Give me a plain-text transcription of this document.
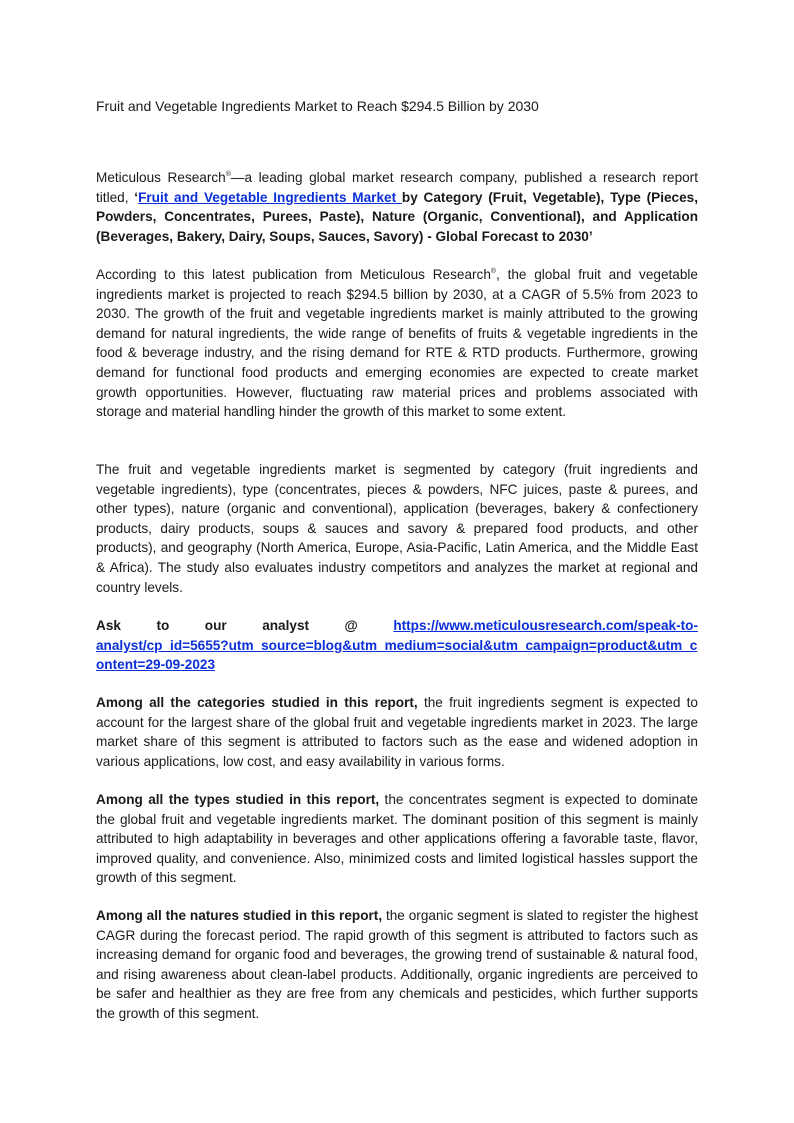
Fruit and Vegetable Ingredients Market to Reach $294.5 Billion by 2030

Meticulous Research®—a leading global market research company, published a research report titled, ‘Fruit and Vegetable Ingredients Market by Category (Fruit, Vegetable), Type (Pieces, Powders, Concentrates, Purees, Paste), Nature (Organic, Conventional), and Application (Beverages, Bakery, Dairy, Soups, Sauces, Savory) - Global Forecast to 2030’

According to this latest publication from Meticulous Research®, the global fruit and vegetable ingredients market is projected to reach $294.5 billion by 2030, at a CAGR of 5.5% from 2023 to 2030. The growth of the fruit and vegetable ingredients market is mainly attributed to the growing demand for natural ingredients, the wide range of benefits of fruits & vegetable ingredients in the food & beverage industry, and the rising demand for RTE & RTD products. Furthermore, growing demand for functional food products and emerging economies are expected to create market growth opportunities. However, fluctuating raw material prices and problems associated with storage and material handling hinder the growth of this market to some extent.

The fruit and vegetable ingredients market is segmented by category (fruit ingredients and vegetable ingredients), type (concentrates, pieces & powders, NFC juices, paste & purees, and other types), nature (organic and conventional), application (beverages, bakery & confectionery products, dairy products, soups & sauces and savory & prepared food products, and other products), and geography (North America, Europe, Asia-Pacific, Latin America, and the Middle East & Africa). The study also evaluates industry competitors and analyzes the market at regional and country levels.

Ask	to	our	analyst	@	https://www.meticulousresearch.com/speak-to-
analyst/cp_id=5655?utm_source=blog&utm_medium=social&utm_campaign=product&utm_c
ontent=29-09-2023

Among all the categories studied in this report, the fruit ingredients segment is expected to account for the largest share of the global fruit and vegetable ingredients market in 2023. The large market share of this segment is attributed to factors such as the ease and widened adoption in various applications, low cost, and easy availability in various forms.

Among all the types studied in this report, the concentrates segment is expected to dominate the global fruit and vegetable ingredients market. The dominant position of this segment is mainly attributed to high adaptability in beverages and other applications offering a favorable taste, flavor, improved quality, and convenience. Also, minimized costs and limited logistical hassles support the growth of this segment.

Among all the natures studied in this report, the organic segment is slated to register the highest CAGR during the forecast period. The rapid growth of this segment is attributed to factors such as increasing demand for organic food and beverages, the growing trend of sustainable & natural food, and rising awareness about clean-label products. Additionally, organic ingredients are perceived to be safer and healthier as they are free from any chemicals and pesticides, which further supports the growth of this segment.
